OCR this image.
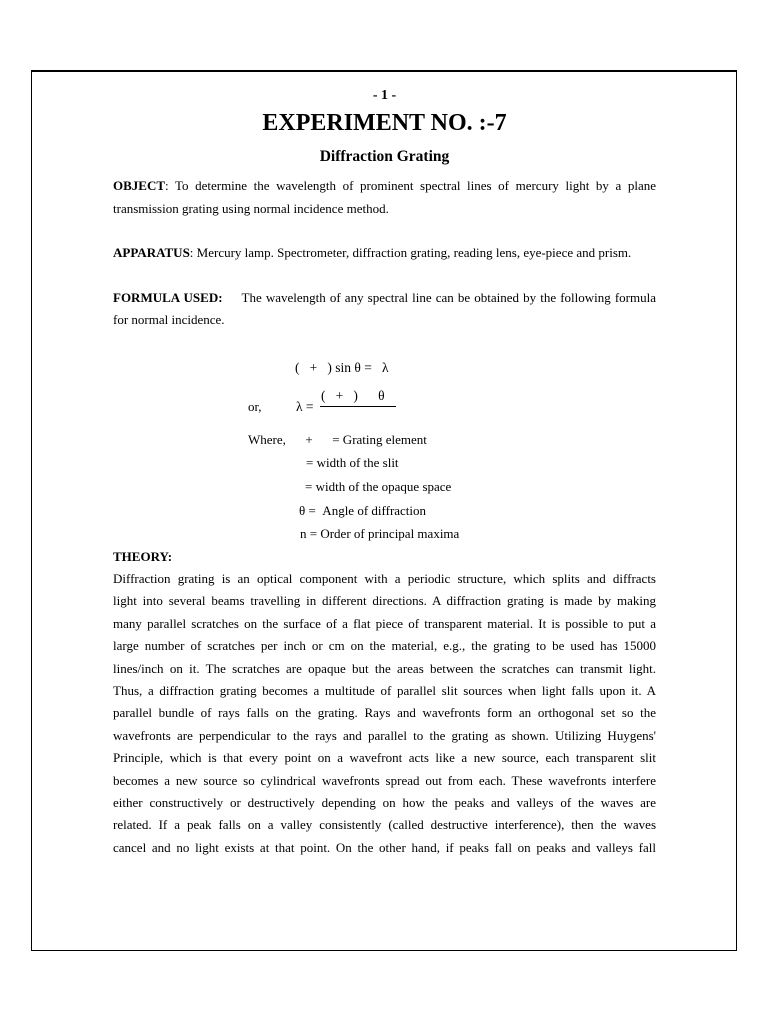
- 1 -
EXPERIMENT NO. :-7
Diffraction Grating

OBJECT: To determine the wavelength of prominent spectral lines of mercury light by a plane transmission grating using normal incidence method.

APPARATUS: Mercury lamp. Spectrometer, diffraction grating, reading lens, eye-piece and prism.

FORMULA USED: The wavelength of any spectral line can be obtained by the following formula for normal incidence.

(   +   ) sin θ =   λ
or,	λ =
(   +   )      θ
Where,      +      = Grating element
= width of the slit
= width of the opaque space
θ =  Angle of diffraction
n = Order of principal maxima
THEORY:

Diffraction grating is an optical component with a periodic structure, which splits and diffracts

light into several beams travelling in different directions. A diffraction grating is made by making

many parallel scratches on the surface of a flat piece of transparent material. It is possible to put a

large number of scratches per inch or cm on the material, e.g., the grating to be used has 15000

lines/inch on it. The scratches are opaque but the areas between the scratches can transmit light.

Thus, a diffraction grating becomes a multitude of parallel slit sources when light falls upon it. A

parallel bundle of rays falls on the grating. Rays and wavefronts form an orthogonal set so the

wavefronts are perpendicular to the rays and parallel to the grating as shown. Utilizing Huygens'

Principle, which is that every point on a wavefront acts like a new source, each transparent slit

becomes a new source so cylindrical wavefronts spread out from each. These wavefronts interfere

either constructively or destructively depending on how the peaks and valleys of the waves are

related. If a peak falls on a valley consistently (called destructive interference), then the waves

cancel and no light exists at that point. On the other hand, if peaks fall on peaks and valleys fall
